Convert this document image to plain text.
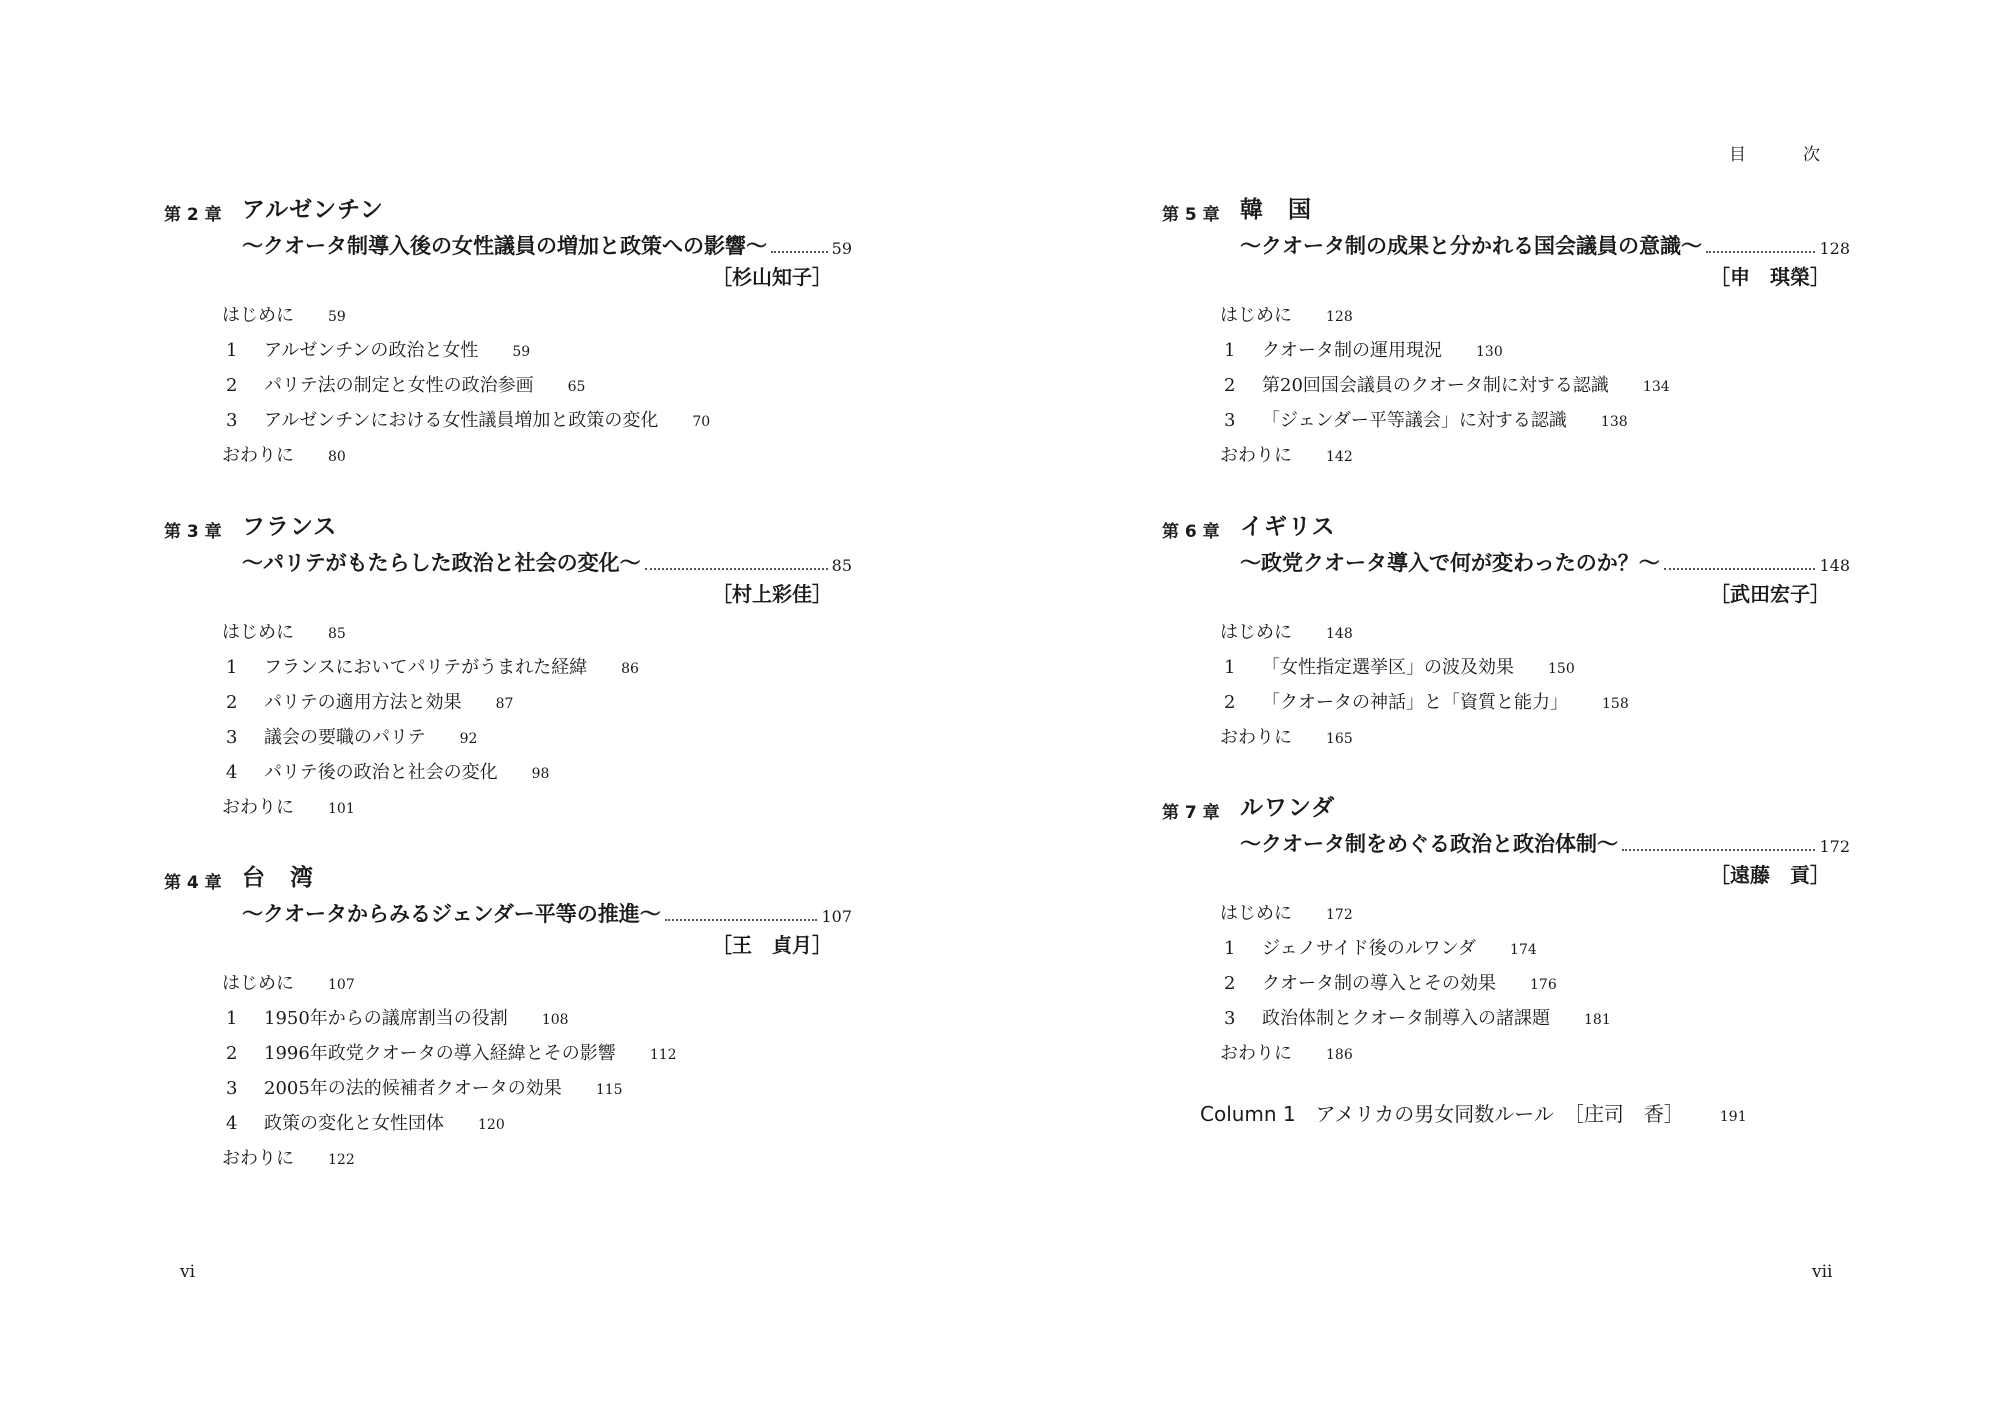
第 2 章 アルゼンチン
〜クオータ制導入後の女性議員の増加と政策への影響〜	59
［杉山知子］
はじめに 59
1 アルゼンチンの政治と女性 59
2 パリテ法の制定と女性の政治参画 65
3 アルゼンチンにおける女性議員増加と政策の変化 70
おわりに 80
第 3 章 フランス
〜パリテがもたらした政治と社会の変化〜	85
［村上彩佳］
はじめに 85
1 フランスにおいてパリテがうまれた経緯 86
2 パリテの適用方法と効果 87
3 議会の要職のパリテ 92
4 パリテ後の政治と社会の変化 98
おわりに 101
第 4 章 台　湾
〜クオータからみるジェンダー平等の推進〜	107
［王　貞月］
はじめに 107
1 1950年からの議席割当の役割 108
2 1996年政党クオータの導入経緯とその影響 112
3 2005年の法的候補者クオータの効果 115
4 政策の変化と女性団体 120
おわりに 122
vi
目　次
第 5 章 韓　国
〜クオータ制の成果と分かれる国会議員の意識〜	128
［申　琪榮］
はじめに 128
1 クオータ制の運用現況 130
2 第20回国会議員のクオータ制に対する認識 134
3 「ジェンダー平等議会」に対する認識 138
おわりに 142
第 6 章 イギリス
〜政党クオータ導入で何が変わったのか？〜	148
［武田宏子］
はじめに 148
1 「女性指定選挙区」の波及効果 150
2 「クオータの神話」と「資質と能力」 158
おわりに 165
第 7 章 ルワンダ
〜クオータ制をめぐる政治と政治体制〜	172
［遠藤　貢］
はじめに 172
1 ジェノサイド後のルワンダ 174
2 クオータ制の導入とその効果 176
3 政治体制とクオータ制導入の諸課題 181
おわりに 186
vii
Column 1　アメリカの男女同数ルール　［庄司　香］	191
